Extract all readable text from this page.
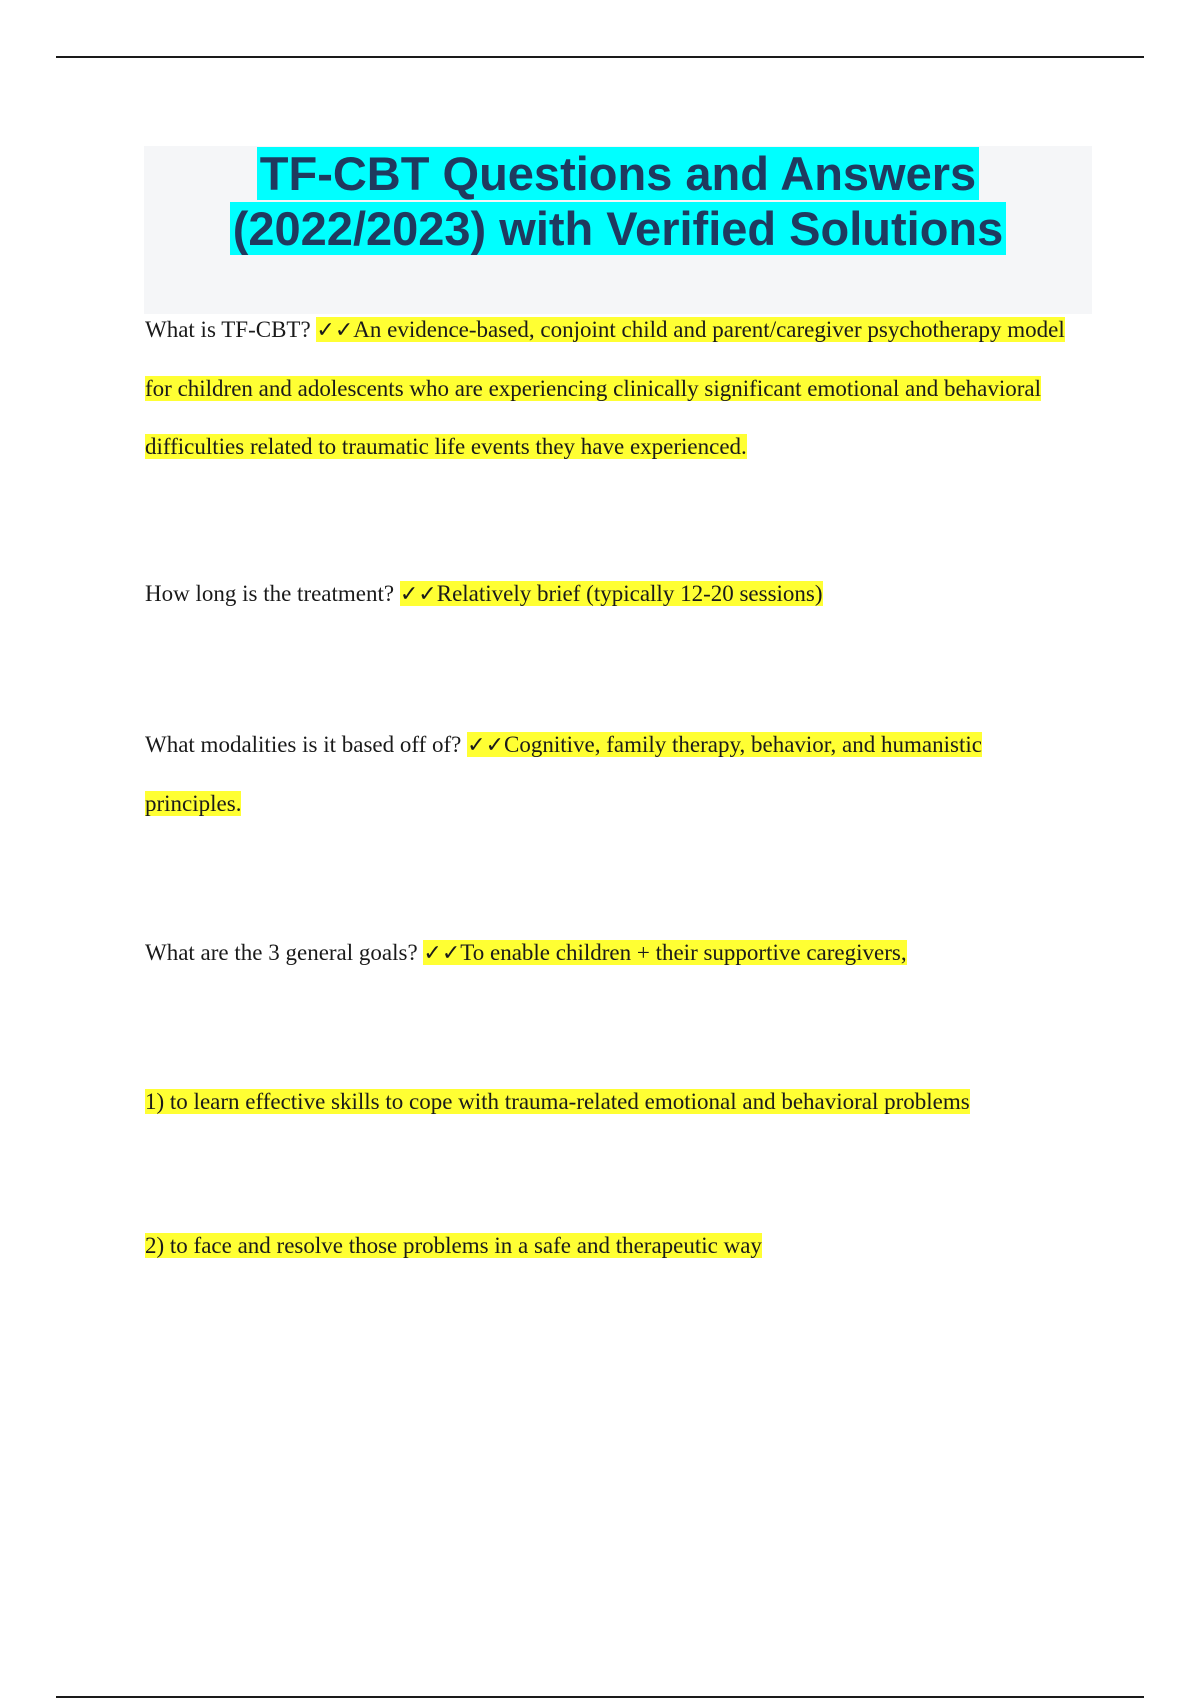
TF-CBT Questions and Answers
(2022/2023) with Verified Solutions
What is TF-CBT? ✓✓An evidence-based, conjoint child and parent/caregiver psychotherapy model for children and adolescents who are experiencing clinically significant emotional and behavioral difficulties related to traumatic life events they have experienced.
How long is the treatment? ✓✓Relatively brief (typically 12-20 sessions)
What modalities is it based off of? ✓✓Cognitive, family therapy, behavior, and humanistic principles.
What are the 3 general goals? ✓✓To enable children + their supportive caregivers,
1) to learn effective skills to cope with trauma-related emotional and behavioral problems
2) to face and resolve those problems in a safe and therapeutic way
